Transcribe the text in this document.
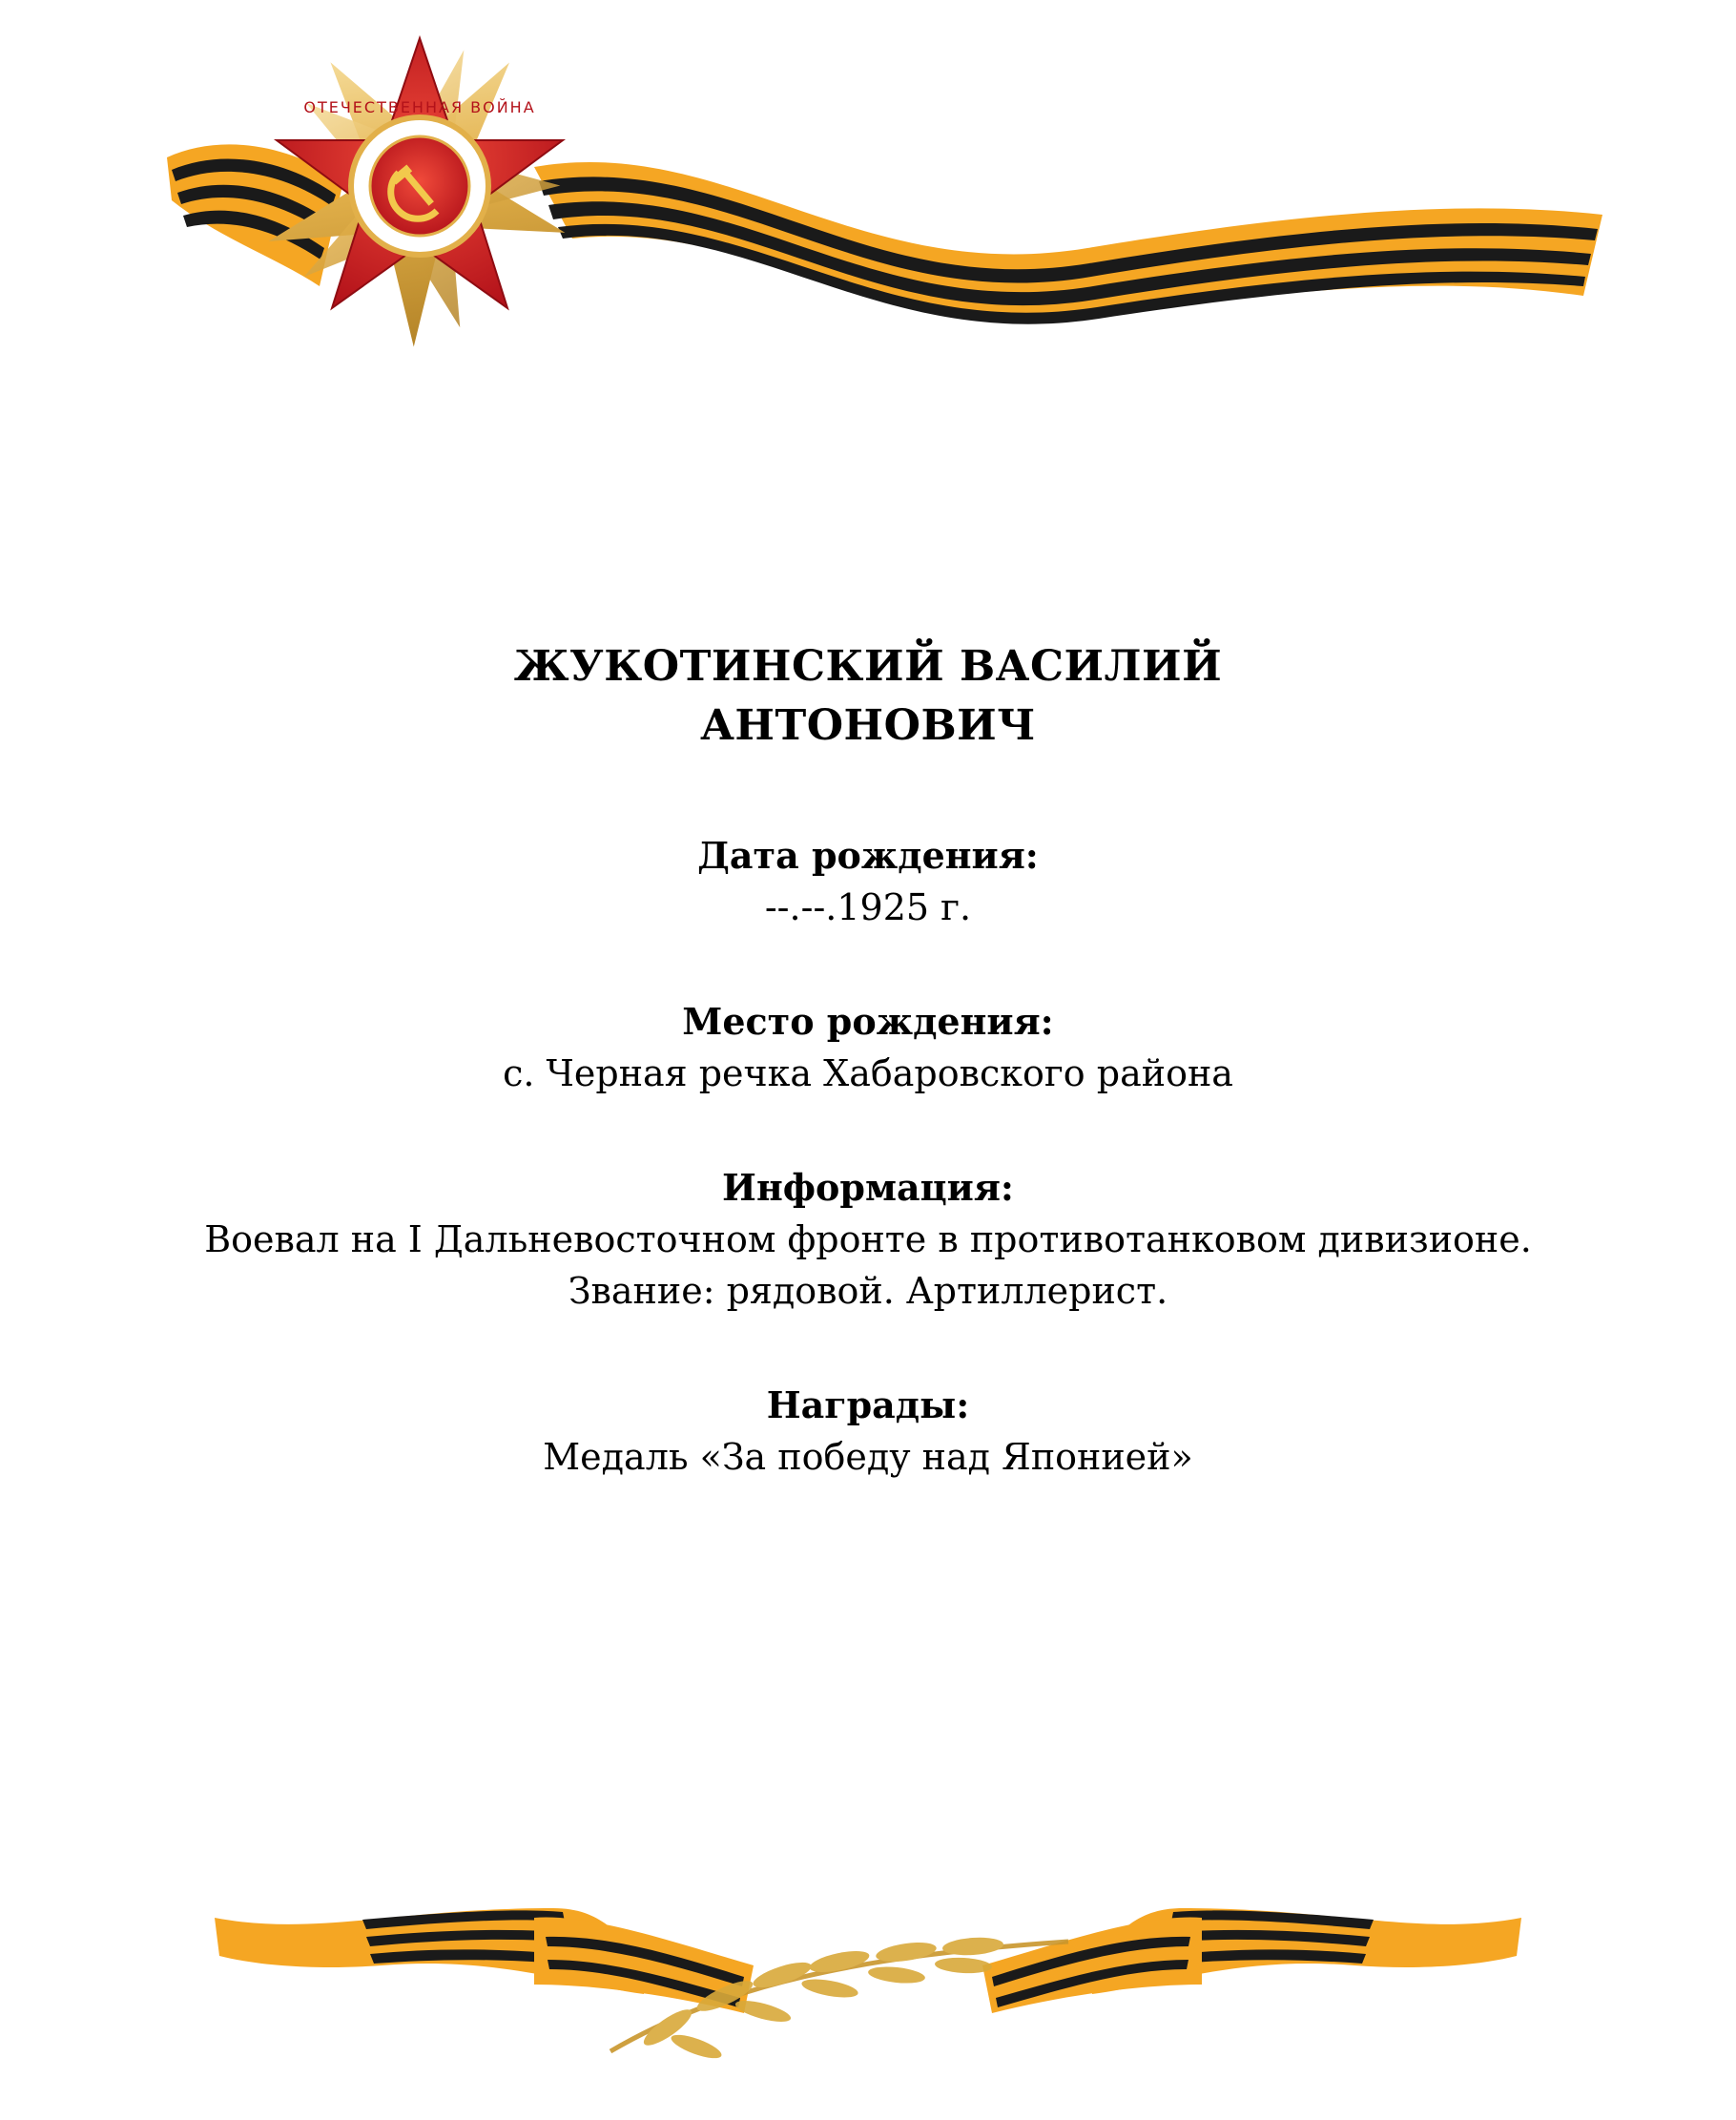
ОТЕЧЕСТВЕННАЯ ВОЙНА
ЖУКОТИНСКИЙ ВАСИЛИЙ
АНТОНОВИЧ
Дата рождения:
--.--.1925 г.
Место рождения:
с. Черная речка Хабаровского района
Информация:
Воевал на I Дальневосточном фронте в противотанковом дивизионе.
Звание: рядовой. Артиллерист.
Награды:
Медаль «За победу над Японией»
